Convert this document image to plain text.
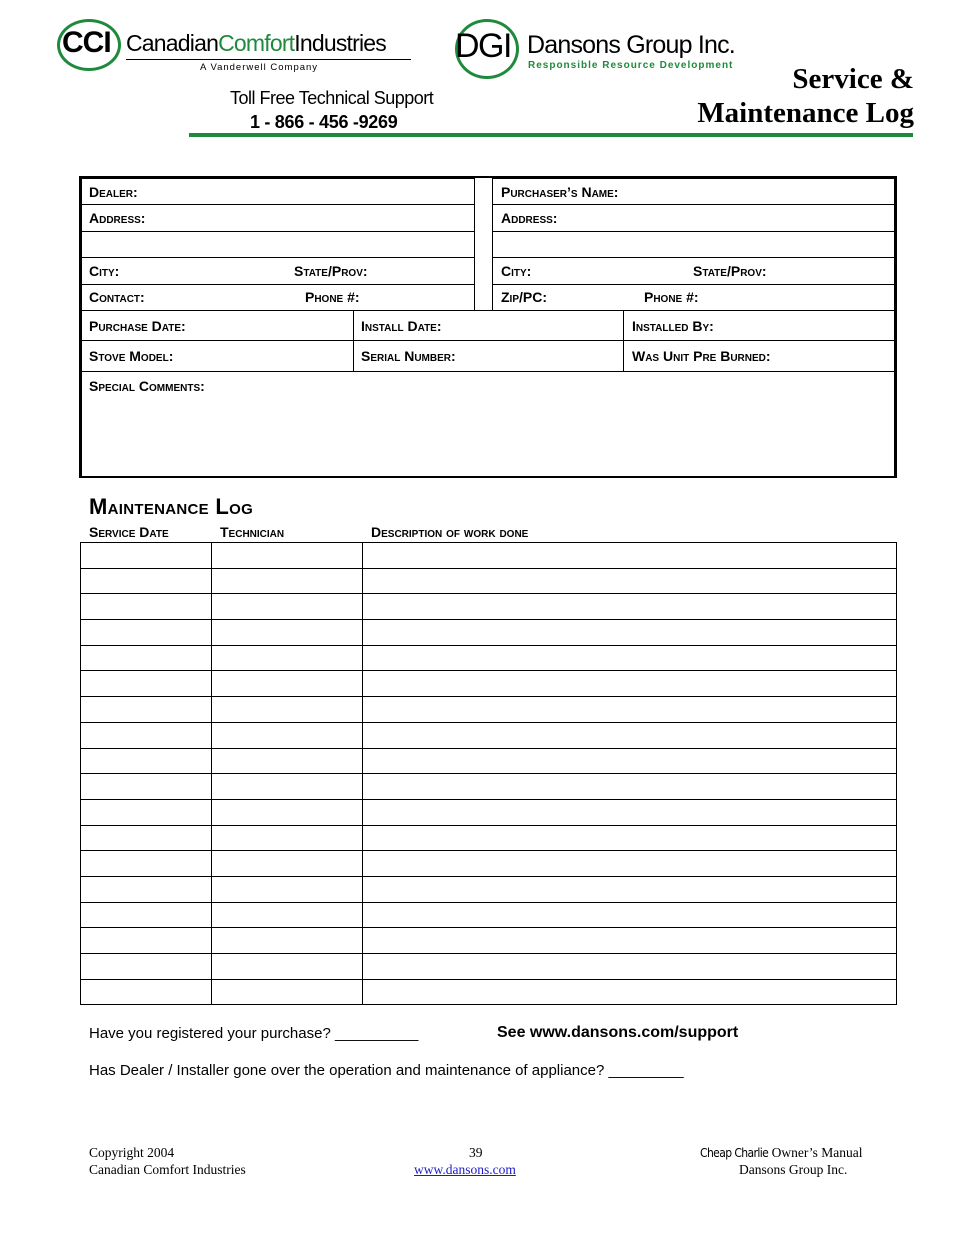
CCI CanadianComfortIndustries
A Vanderwell Company
DGI Dansons Group Inc.
Responsible Resource Development
Toll Free Technical Support
1 - 866 - 456 -9269
Service &
Maintenance Log
Dealer:
Address:
City:	State/Prov:
Contact:	Phone #:
Purchaser’s Name:
Address:
City:	State/Prov:
Zip/PC:	Phone #:
Purchase Date:	Install Date:	Installed By:
Stove Model:	Serial Number:	Was Unit Pre Burned:
Special Comments:
Maintenance Log
Service Date	Technician	Description of work done

Have you registered your purchase? __________	See www.dansons.com/support
Has Dealer / Installer gone over the operation and maintenance of appliance? _________
Copyright 2004
Canadian Comfort Industries
39
www.dansons.com
Cheap Charlie Owner’s Manual
Dansons Group Inc.
